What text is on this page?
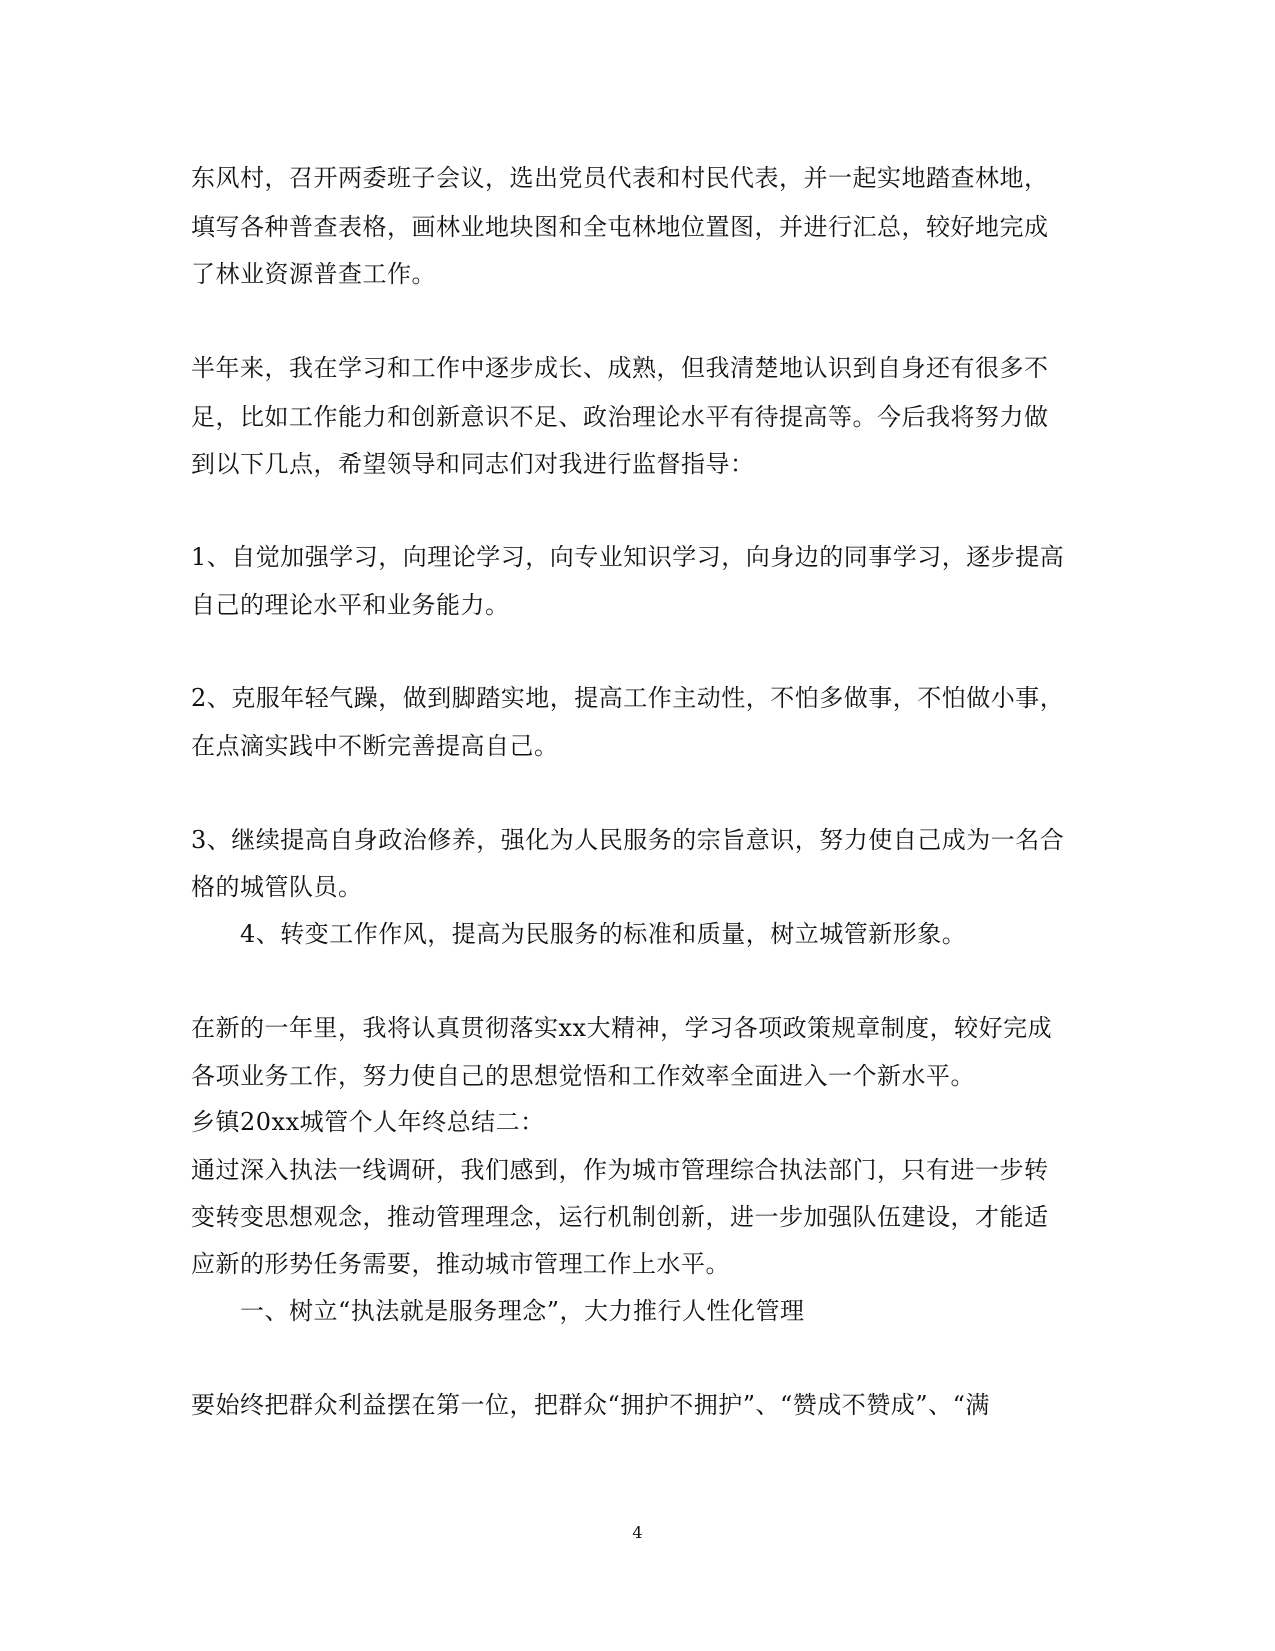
东风村，召开两委班子会议，选出党员代表和村民代表，并一起实地踏查林地，
填写各种普查表格，画林业地块图和全屯林地位置图，并进行汇总，较好地完成
了林业资源普查工作。
半年来，我在学习和工作中逐步成长、成熟，但我清楚地认识到自身还有很多不
足，比如工作能力和创新意识不足、政治理论水平有待提高等。今后我将努力做
到以下几点，希望领导和同志们对我进行监督指导：
1、自觉加强学习，向理论学习，向专业知识学习，向身边的同事学习，逐步提高
自己的理论水平和业务能力。
2、克服年轻气躁，做到脚踏实地，提高工作主动性，不怕多做事，不怕做小事，
在点滴实践中不断完善提高自己。
3、继续提高自身政治修养，强化为人民服务的宗旨意识，努力使自己成为一名合
格的城管队员。
4、转变工作作风，提高为民服务的标准和质量，树立城管新形象。
在新的一年里，我将认真贯彻落实xx大精神，学习各项政策规章制度，较好完成
各项业务工作，努力使自己的思想觉悟和工作效率全面进入一个新水平。
乡镇20xx城管个人年终总结二：
通过深入执法一线调研，我们感到，作为城市管理综合执法部门，只有进一步转
变转变思想观念，推动管理理念，运行机制创新，进一步加强队伍建设，才能适
应新的形势任务需要，推动城市管理工作上水平。
一、树立“执法就是服务理念”，大力推行人性化管理
要始终把群众利益摆在第一位，把群众“拥护不拥护”、“赞成不赞成”、“满
4
